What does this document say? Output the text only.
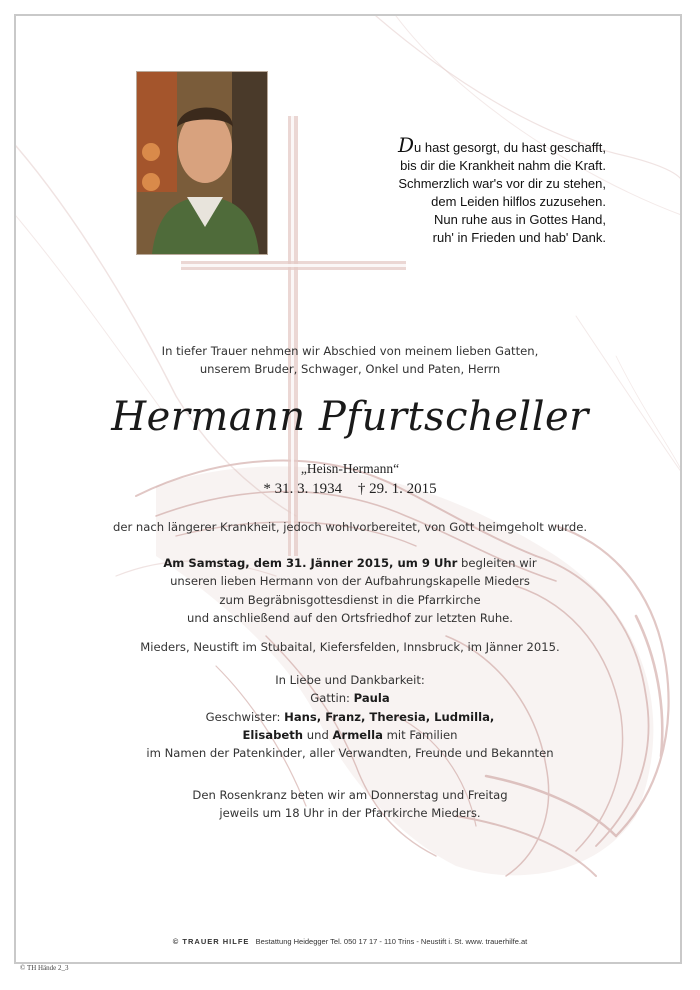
Du hast gesorgt, du hast geschafft,
bis dir die Krankheit nahm die Kraft.
Schmerzlich war's vor dir zu stehen,
dem Leiden hilflos zuzusehen.
Nun ruhe aus in Gottes Hand,
ruh' in Frieden und hab' Dank.

In tiefer Trauer nehmen wir Abschied von meinem lieben Gatten,

unserem Bruder, Schwager, Onkel und Paten, Herrn

Hermann Pfurtscheller
„Heisn-Hermann“
* 31. 3. 1934 † 29. 1. 2015

der nach längerer Krankheit, jedoch wohlvorbereitet, von Gott heimgeholt wurde.

Am Samstag, dem 31. Jänner 2015, um 9 Uhr begleiten wir

unseren lieben Hermann von der Aufbahrungskapelle Mieders

zum Begräbnisgottesdienst in die Pfarrkirche

und anschließend auf den Ortsfriedhof zur letzten Ruhe.

Mieders, Neustift im Stubaital, Kiefersfelden, Innsbruck, im Jänner 2015.

In Liebe und Dankbarkeit:

Gattin: Paula

Geschwister: Hans, Franz, Theresia, Ludmilla,

Elisabeth und Armella mit Familien

im Namen der Patenkinder, aller Verwandten, Freunde und Bekannten

Den Rosenkranz beten wir am Donnerstag und Freitag

jeweils um 18 Uhr in der Pfarrkirche Mieders.

© TRAUER HILFE Bestattung Heidegger Tel. 050 17 17 - 110 Trins - Neustift i. St. www. trauerhilfe.at
© TH Hände 2_3
